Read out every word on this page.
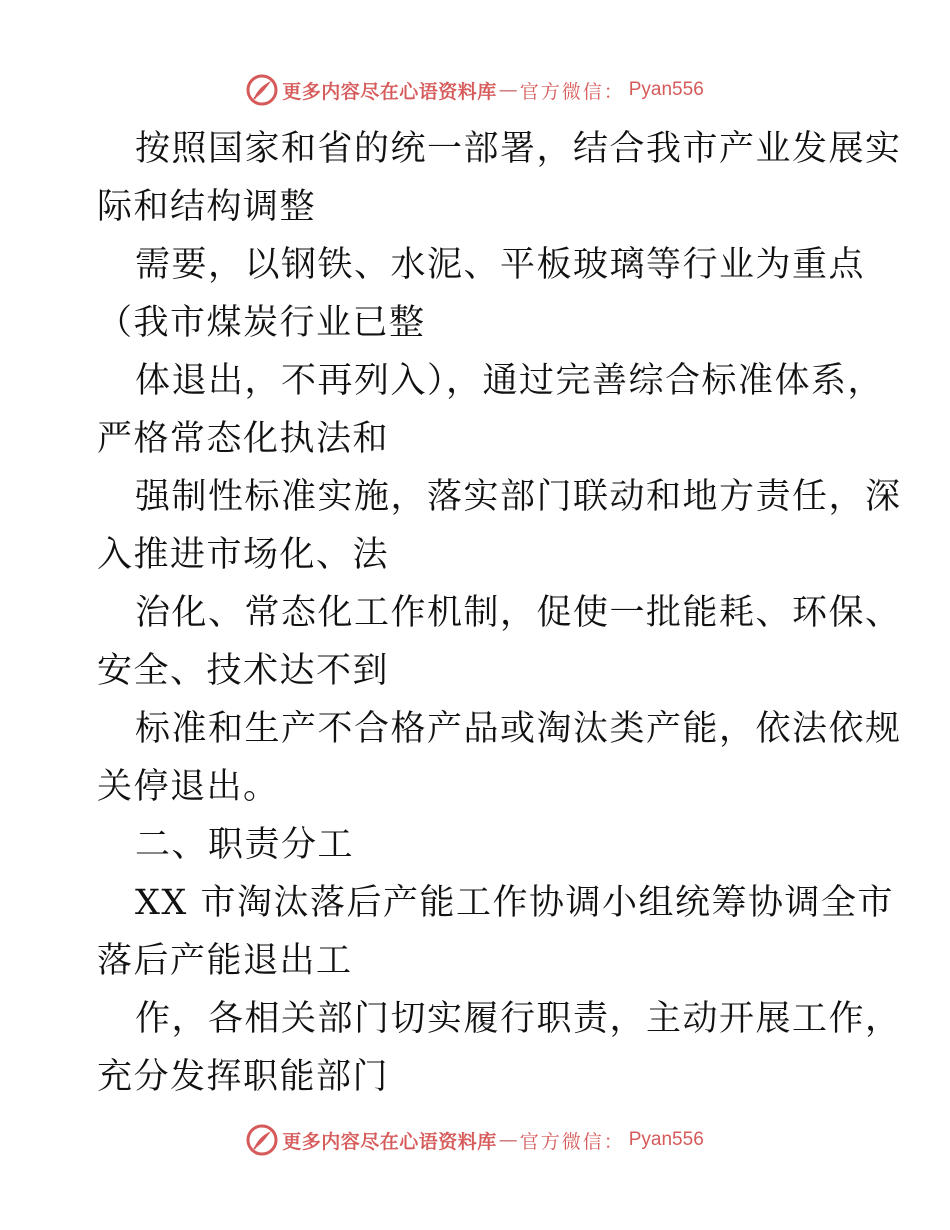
更多内容尽在心语资料库 — 官方微信： Pyan556
按照国家和省的统一部署，结合我市产业发展实
际和结构调整
需要，以钢铁、水泥、平板玻璃等行业为重点
（我市煤炭行业已整
体退出，不再列入），通过完善综合标准体系，
严格常态化执法和
强制性标准实施，落实部门联动和地方责任，深
入推进市场化、法
治化、常态化工作机制，促使一批能耗、环保、
安全、技术达不到
标准和生产不合格产品或淘汰类产能，依法依规
关停退出。
二、职责分工
XX 市淘汰落后产能工作协调小组统筹协调全市
落后产能退出工
作，各相关部门切实履行职责，主动开展工作，
充分发挥职能部门
更多内容尽在心语资料库 — 官方微信： Pyan556
